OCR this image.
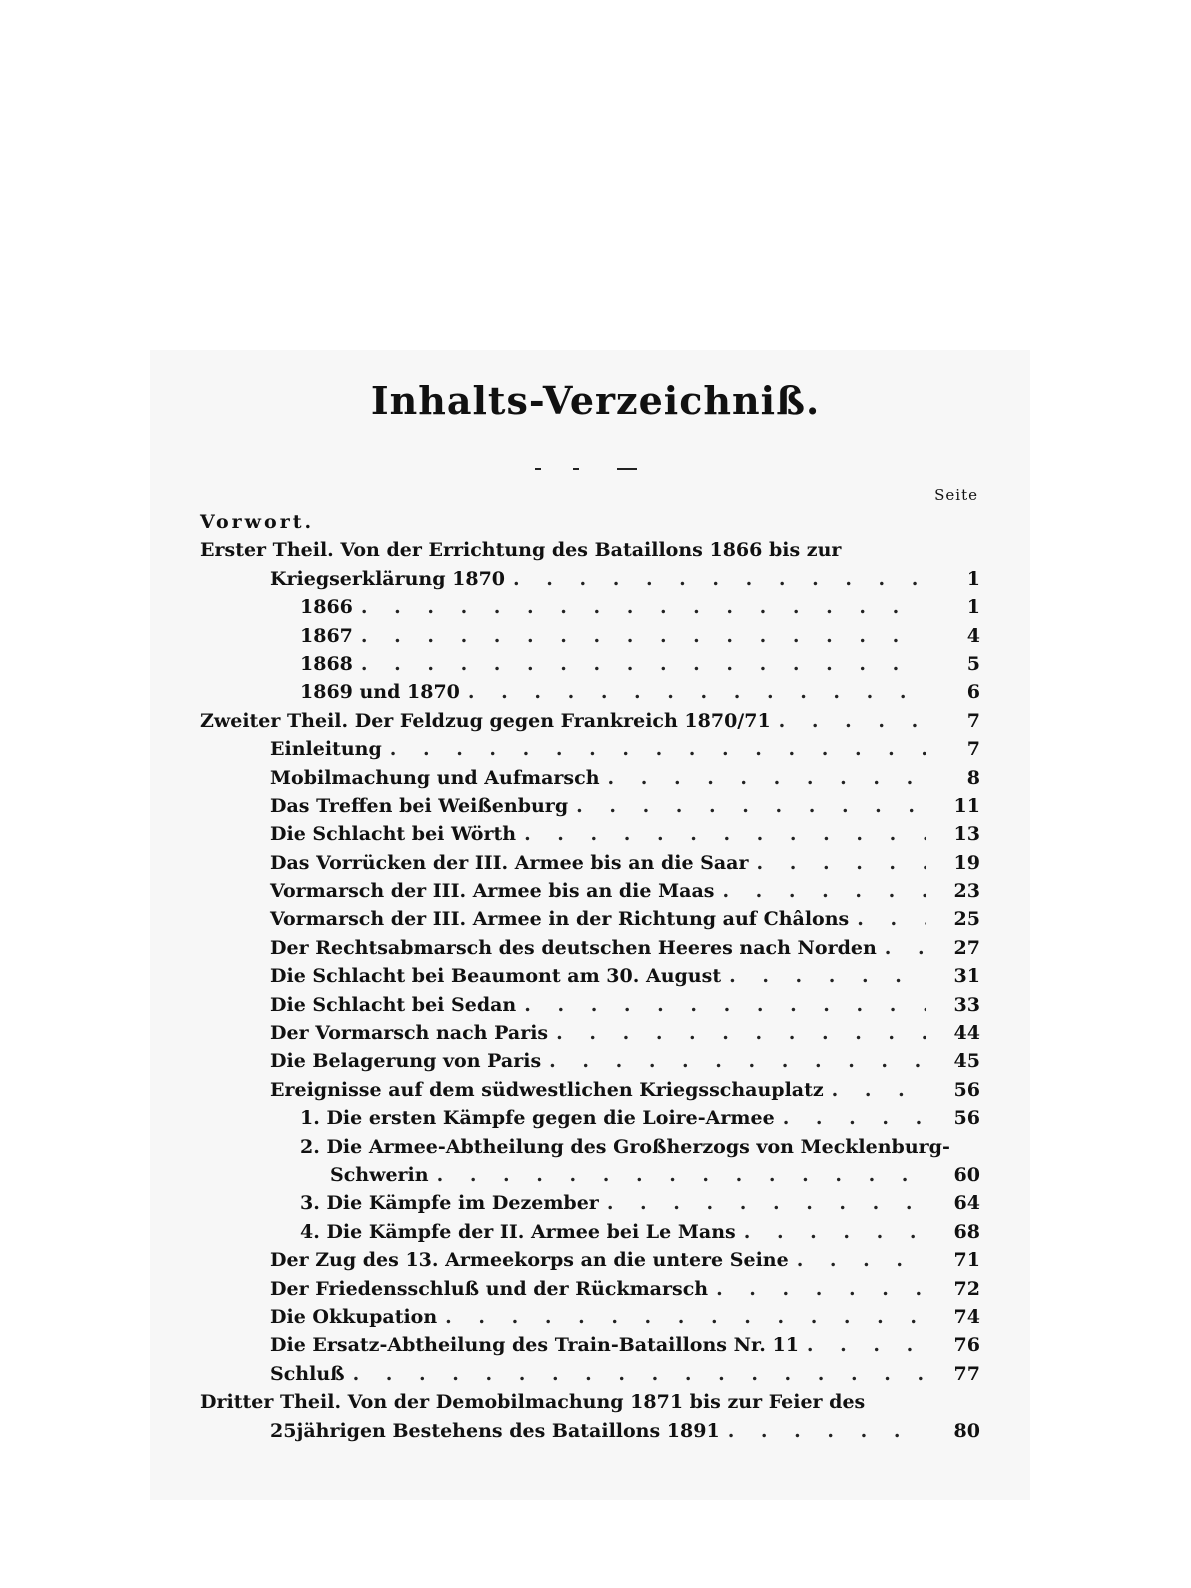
Inhalts-Verzeichniß.
Seite
Vorwort.
Erster Theil. Von der Errichtung des Bataillons 1866 bis zur
Kriegserklärung 1870 . . .	1
1866 . . .	1
1867 . . .	4
1868 . . .	5
1869 und 1870 . . .	6
Zweiter Theil. Der Feldzug gegen Frankreich 1870/71 . . .	7
Einleitung . . .	7
Mobilmachung und Aufmarsch . . .	8
Das Treffen bei Weißenburg . . .	11
Die Schlacht bei Wörth . . .	13
Das Vorrücken der III. Armee bis an die Saar . . .	19
Vormarsch der III. Armee bis an die Maas . . .	23
Vormarsch der III. Armee in der Richtung auf Châlons . . .	25
Der Rechtsabmarsch des deutschen Heeres nach Norden . . .	27
Die Schlacht bei Beaumont am 30. August . . .	31
Die Schlacht bei Sedan . . .	33
Der Vormarsch nach Paris . . .	44
Die Belagerung von Paris . . .	45
Ereignisse auf dem südwestlichen Kriegsschauplatz . . .	56
1. Die ersten Kämpfe gegen die Loire-Armee . . .	56
2. Die Armee-Abtheilung des Großherzogs von Mecklenburg-
Schwerin . . .	60
3. Die Kämpfe im Dezember . . .	64
4. Die Kämpfe der II. Armee bei Le Mans . . .	68
Der Zug des 13. Armeekorps an die untere Seine . . .	71
Der Friedensschluß und der Rückmarsch . . .	72
Die Okkupation . . .	74
Die Ersatz-Abtheilung des Train-Bataillons Nr. 11 . . .	76
Schluß . . .	77
Dritter Theil. Von der Demobilmachung 1871 bis zur Feier des
25jährigen Bestehens des Bataillons 1891 . . .	80
